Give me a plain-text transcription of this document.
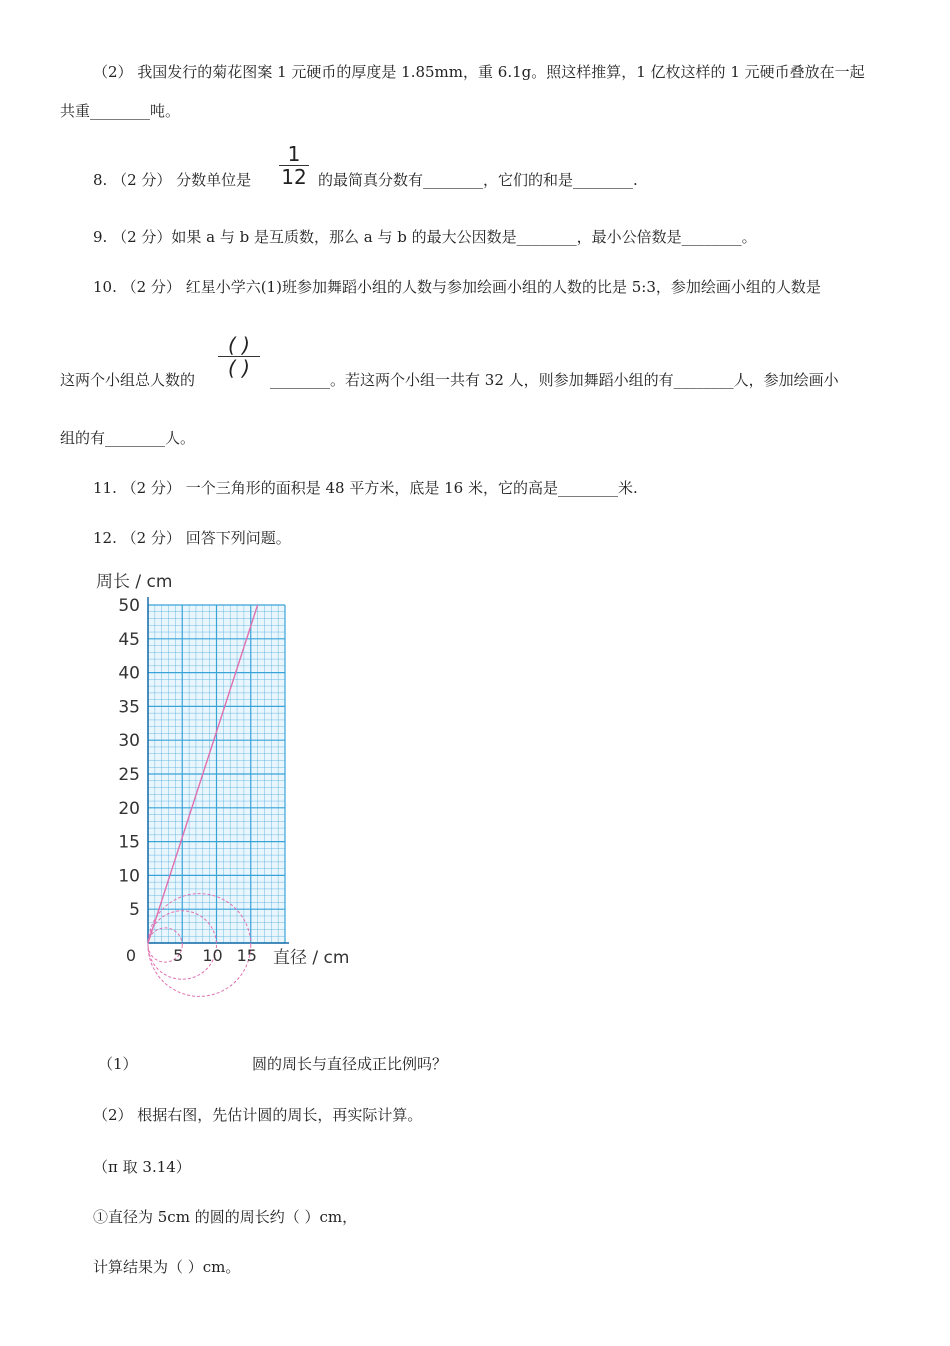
（2） 我国发行的菊花图案 1 元硬币的厚度是 1.85mm，重 6.1g。照这样推算，1 亿枚这样的 1 元硬币叠放在一起
共重________吨。
8. （2 分） 分数单位是
1
12 的最简真分数有________，它们的和是________.
9. （2 分）如果 a 与 b 是互质数，那么 a 与 b 的最大公因数是________，最小公倍数是________。
10. （2 分） 红星小学六(1)班参加舞蹈小组的人数与参加绘画小组的人数的比是 5:3，参加绘画小组的人数是
这两个小组总人数的
( )
( )	________。若这两个小组一共有 32 人，则参加舞蹈小组的有________人，参加绘画小
组的有________人。
11. （2 分） 一个三角形的面积是 48 平方米，底是 16 米，它的高是________米.
12. （2 分） 回答下列问题。
5
10
15
20
25
30
35
40
45
50
0 5 10 15
周长 / cm
直径 / cm
（1）	圆的周长与直径成正比例吗？
（2） 根据右图，先估计圆的周长，再实际计算。
（π 取 3.14）
①直径为 5cm 的圆的周长约（ ）cm，
计算结果为（ ）cm。
